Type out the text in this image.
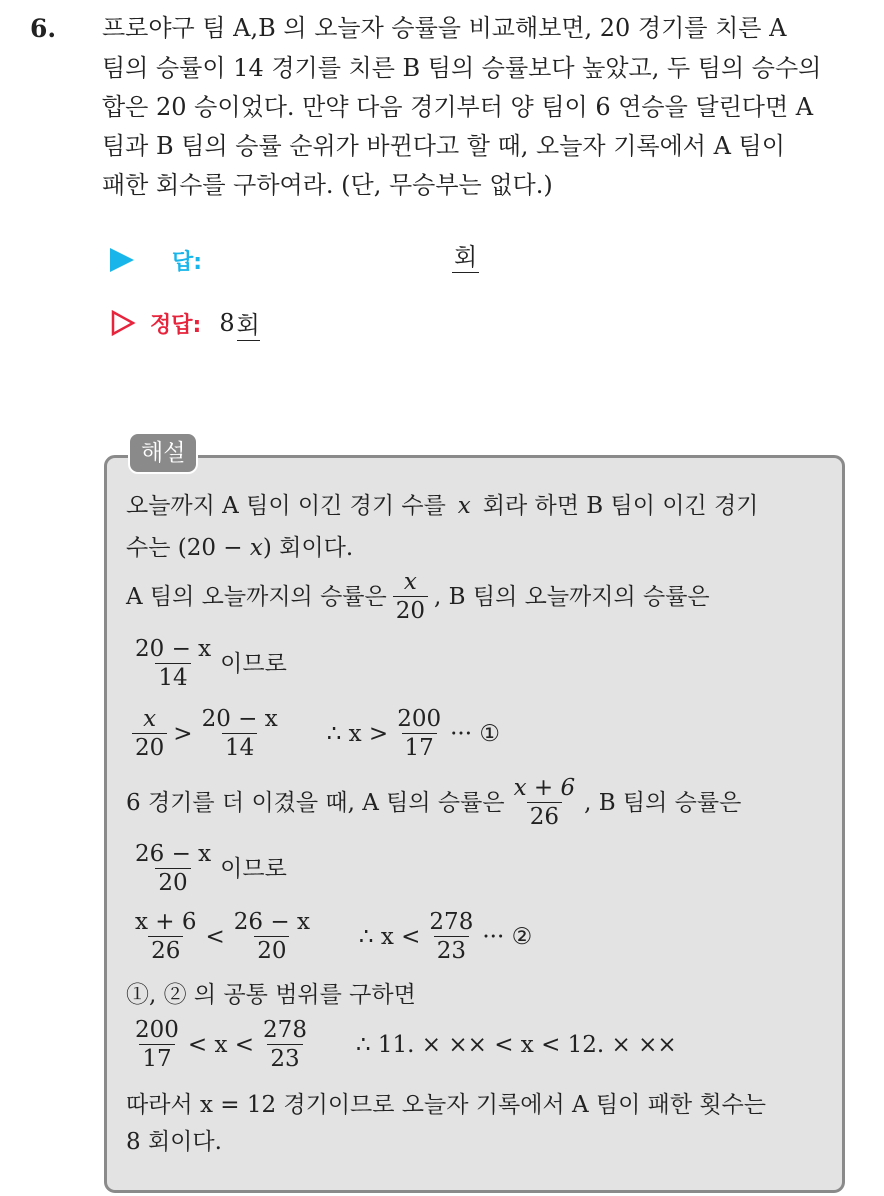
6. 프로야구 팀 A,B 의 오늘자 승률을 비교해보면, 20 경기를 치른 A
팀의 승률이 14 경기를 치른 B 팀의 승률보다 높았고, 두 팀의 승수의
합은 20 승이었다. 만약 다음 경기부터 양 팀이 6 연승을 달린다면 A
팀과 B 팀의 승률 순위가 바뀐다고 할 때, 오늘자 기록에서 A 팀이
패한 회수를 구하여라. (단, 무승부는 없다.)
답:	회
정답: 8 회
해설
오늘까지 A 팀이 이긴 경기 수를 x 회라 하면 B 팀이 이긴 경기
수는 (20 −
x ) 회이다.
A 팀의 오늘까지의 승률은 $\frac{x}{20}$ , B 팀의 오늘까지의 승률은
$\frac{20 - x}{14}$ 이므로
$\frac{x}{20} > \frac{20 - x}{14}$ ∴ $x > \frac{200}{17}$ ··· ①
6 경기를 더 이겼을 때, A 팀의 승률은 $\frac{x + 6}{26}$ , B 팀의 승률은
$\frac{26 - x}{20}$ 이므로
$\frac{x + 6}{26} < \frac{26 - x}{20}$ ∴ $x < \frac{278}{23}$ ··· ②
①, ② 의 공통 범위를 구하면
$\frac{200}{17} < x < \frac{278}{23}$ ∴ 11. × ×× < x < 12. × ××
따라서 x = 12 경기이므로 오늘자 기록에서 A 팀이 패한 횟수는
8 회이다.
